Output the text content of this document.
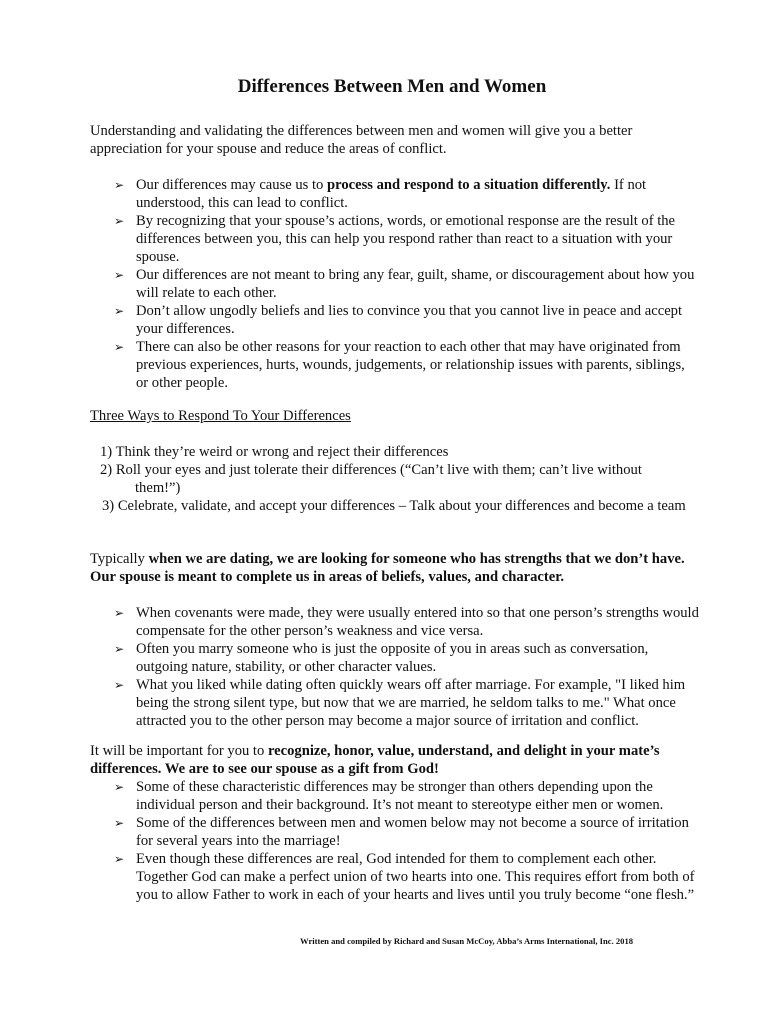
Differences Between Men and Women
Understanding and validating the differences between men and women will give you a better appreciation for your spouse and reduce the areas of conflict.
➢ Our differences may cause us to process and respond to a situation differently. If not understood, this can lead to conflict.
➢ By recognizing that your spouse’s actions, words, or emotional response are the result of the differences between you, this can help you respond rather than react to a situation with your spouse.
➢ Our differences are not meant to bring any fear, guilt, shame, or discouragement about how you will relate to each other.
➢ Don’t allow ungodly beliefs and lies to convince you that you cannot live in peace and accept your differences.
➢ There can also be other reasons for your reaction to each other that may have originated from previous experiences, hurts, wounds, judgements, or relationship issues with parents, siblings, or other people.
Three Ways to Respond To Your Differences
1) Think they’re weird or wrong and reject their differences
2) Roll your eyes and just tolerate their differences (“Can’t live with them; can’t live without
them!”)
3) Celebrate, validate, and accept your differences – Talk about your differences and become a team
Typically when we are dating, we are looking for someone who has strengths that we don’t have. Our spouse is meant to complete us in areas of beliefs, values, and character.
➢ When covenants were made, they were usually entered into so that one person’s strengths would compensate for the other person’s weakness and vice versa.
➢ Often you marry someone who is just the opposite of you in areas such as conversation, outgoing nature, stability, or other character values.
➢ What you liked while dating often quickly wears off after marriage. For example, "I liked him being the strong silent type, but now that we are married, he seldom talks to me." What once attracted you to the other person may become a major source of irritation and conflict.
It will be important for you to recognize, honor, value, understand, and delight in your mate’s differences. We are to see our spouse as a gift from God!
➢ Some of these characteristic differences may be stronger than others depending upon the individual person and their background. It’s not meant to stereotype either men or women.
➢ Some of the differences between men and women below may not become a source of irritation for several years into the marriage!
➢ Even though these differences are real, God intended for them to complement each other. Together God can make a perfect union of two hearts into one. This requires effort from both of you to allow Father to work in each of your hearts and lives until you truly become “one flesh.”
Written and compiled by Richard and Susan McCoy, Abba’s Arms International, Inc. 2018
